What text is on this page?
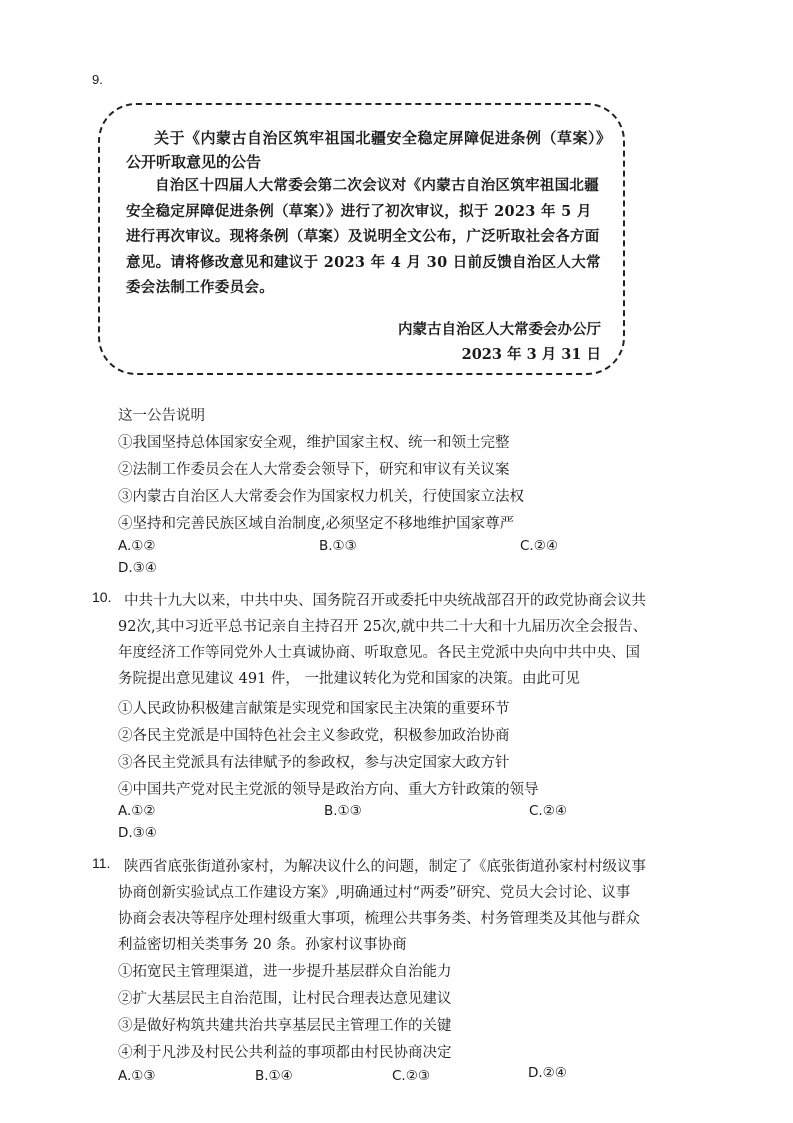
9.
关于《内蒙古自治区筑牢祖国北疆安全稳定屏障促进条例（草案）》
公开听取意见的公告
自治区十四届人大常委会第二次会议对《内蒙古自治区筑牢祖国北疆安全稳定屏障促进条例（草案）》进行了初次审议，拟于 2023 年 5 月进行再次审议。现将条例（草案）及说明全文公布，广泛听取社会各方面意见。请将修改意见和建议于 2023 年 4 月 30 日前反馈自治区人大常委会法制工作委员会。
内蒙古自治区人大常委会办公厅
2023 年 3 月 31 日
这一公告说明
①我国坚持总体国家安全观，维护国家主权、统一和领土完整
②法制工作委员会在人大常委会领导下，研究和审议有关议案
③内蒙古自治区人大常委会作为国家权力机关，行使国家立法权
④坚持和完善民族区域自治制度,必须坚定不移地维护国家尊严
A.①②	B.①③	C.②④
D.③④
10. 中共十九大以来，中共中央、国务院召开或委托中央统战部召开的政党协商会议共
92次,其中习近平总书记亲自主持召开 25次,就中共二十大和十九届历次全会报告、
年度经济工作等同党外人士真诚协商、听取意见。各民主党派中央向中共中央、国
务院提出意见建议 491 件， 一批建议转化为党和国家的决策。由此可见
①人民政协积极建言献策是实现党和国家民主决策的重要环节
②各民主党派是中国特色社会主义参政党，积极参加政治协商
③各民主党派具有法律赋予的参政权，参与决定国家大政方针
④中国共产党对民主党派的领导是政治方向、重大方针政策的领导
A.①②	B.①③	C.②④
D.③④
11. 陕西省底张街道孙家村，为解决议什么的问题，制定了《底张街道孙家村村级议事
协商创新实验试点工作建设方案》,明确通过村“两委”研究、党员大会讨论、议事
协商会表决等程序处理村级重大事项，梳理公共事务类、村务管理类及其他与群众
利益密切相关类事务 20 条。孙家村议事协商
①拓宽民主管理渠道，进一步提升基层群众自治能力
②扩大基层民主自治范围，让村民合理表达意见建议
③是做好构筑共建共治共享基层民主管理工作的关键
④利于凡涉及村民公共利益的事项都由村民协商决定
A.①③	B.①④	C.②③	D.②④
